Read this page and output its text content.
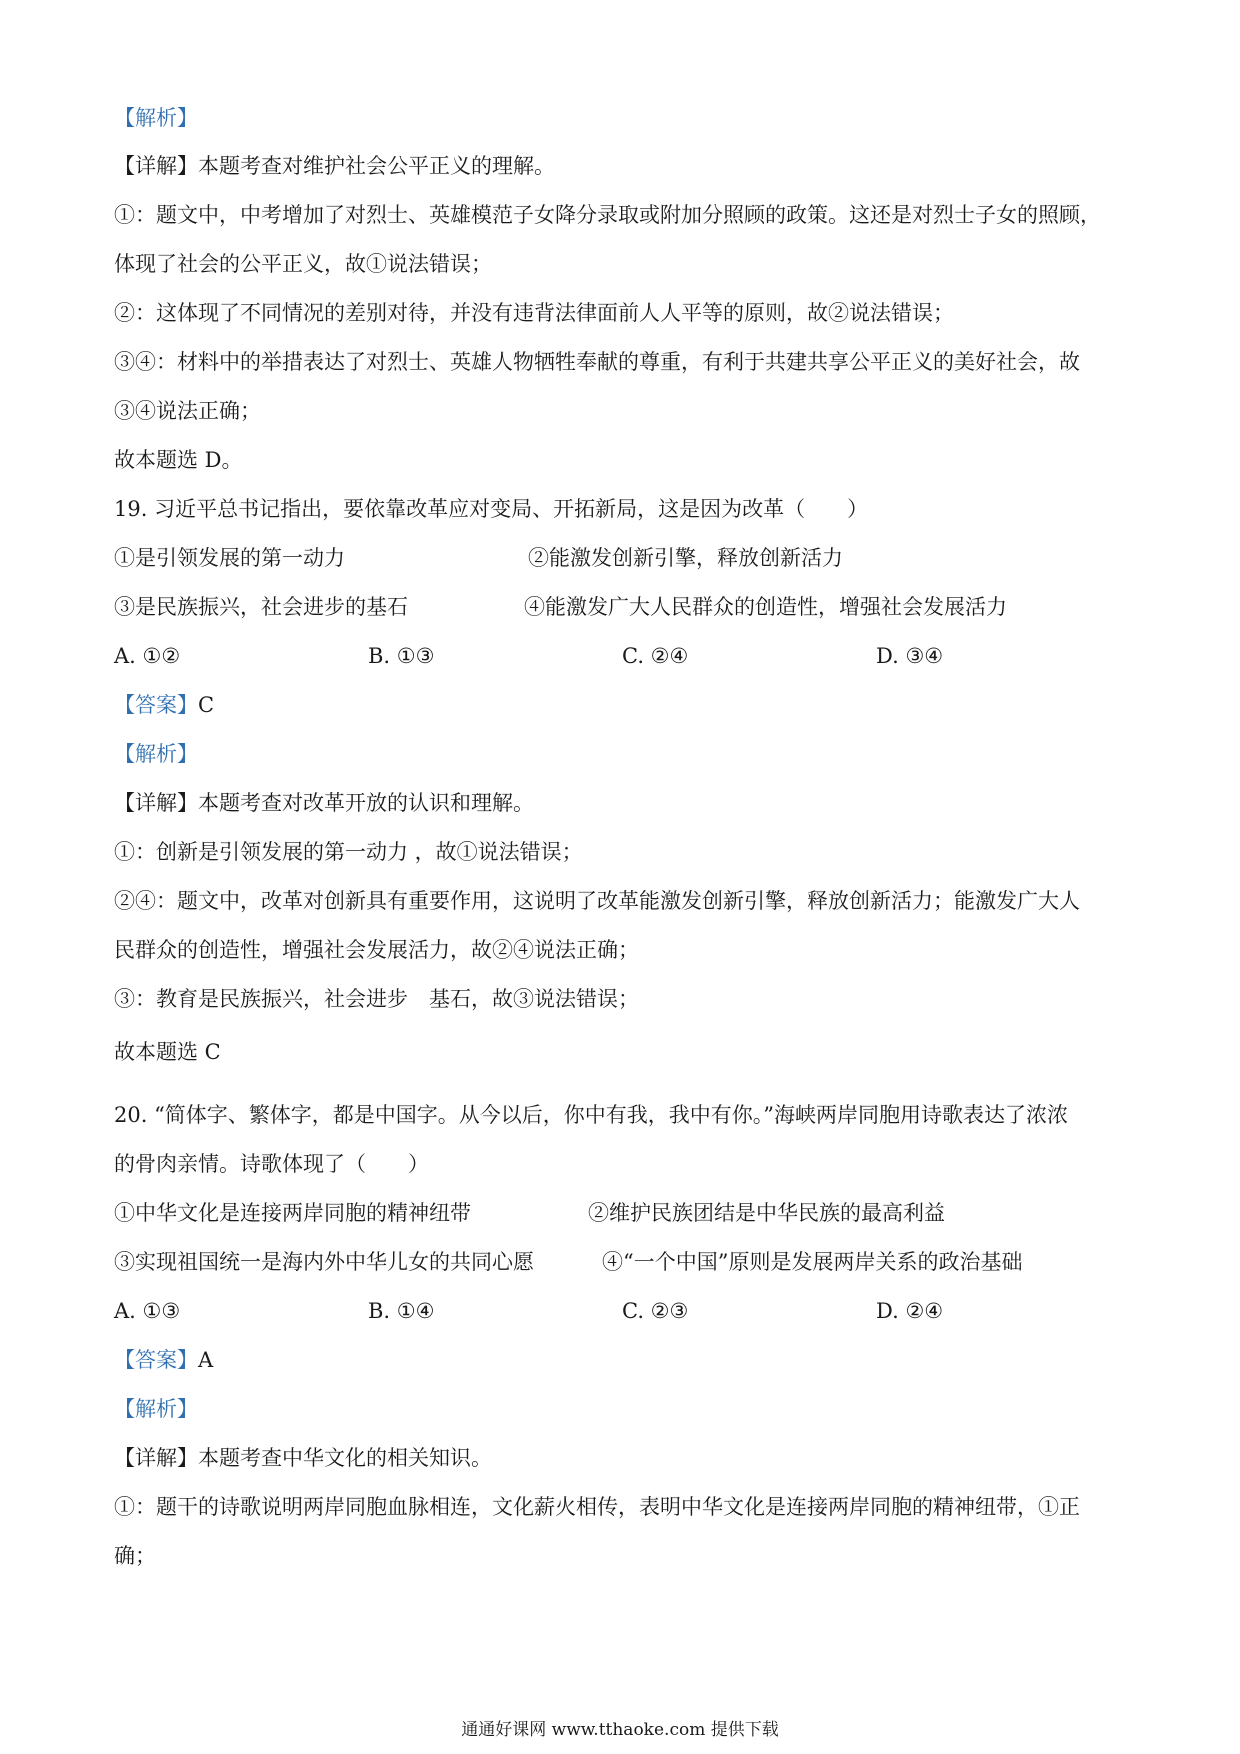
【解析】
【详解】本题考查对维护社会公平正义的理解。
①：题文中，中考增加了对烈士、英雄模范子女降分录取或附加分照顾的政策。这还是对烈士子女的照顾，
体现了社会的公平正义，故①说法错误；
②：这体现了不同情况的差别对待，并没有违背法律面前人人平等的原则，故②说法错误；
③④：材料中的举措表达了对烈士、英雄人物牺牲奉献的尊重，有利于共建共享公平正义的美好社会，故
③④说法正确；
故本题选 D。
19. 习近平总书记指出，要依靠改革应对变局、开拓新局，这是因为改革（　　）
①是引领发展的第一动力	②能激发创新引擎，释放创新活力
③是民族振兴，社会进步的基石	④能激发广大人民群众的创造性，增强社会发展活力
A. ①②	B. ①③	C. ②④	D. ③④
【答案】C
【解析】
【详解】本题考查对改革开放的认识和理解。
①：创新是引领发展的第一动力 ，故①说法错误；
②④：题文中，改革对创新具有重要作用，这说明了改革能激发创新引擎，释放创新活力；能激发广大人
民群众的创造性，增强社会发展活力，故②④说法正确；
③：教育是民族振兴，社会进步　基石，故③说法错误；
故本题选 C
20. “简体字、繁体字，都是中国字。从今以后，你中有我，我中有你。”海峡两岸同胞用诗歌表达了浓浓
的骨肉亲情。诗歌体现了（　　）
①中华文化是连接两岸同胞的精神纽带	②维护民族团结是中华民族的最高利益
③实现祖国统一是海内外中华儿女的共同心愿	④“一个中国”原则是发展两岸关系的政治基础
A. ①③	B. ①④	C. ②③	D. ②④
【答案】A
【解析】
【详解】本题考查中华文化的相关知识。
①：题干的诗歌说明两岸同胞血脉相连，文化薪火相传，表明中华文化是连接两岸同胞的精神纽带，①正
确；
通通好课网 www.tthaoke.com 提供下载
